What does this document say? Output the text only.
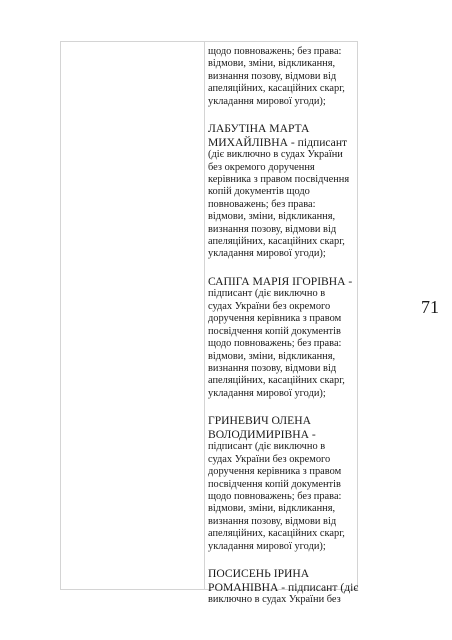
щодо повноважень; без права:
відмови, зміни, відкликання,
визнання позову, відмови від
апеляційних, касаційних скарг,
укладання мирової угоди);
ЛАБУТІНА МАРТА
МИХАЙЛІВНА - підписант
(діє виключно в судах України
без окремого доручення
керівника з правом посвідчення
копій документів щодо
повноважень; без права:
відмови, зміни, відкликання,
визнання позову, відмови від
апеляційних, касаційних скарг,
укладання мирової угоди);
САПІГА МАРІЯ ІГОРІВНА -
підписант (діє виключно в
судах України без окремого
доручення керівника з правом
посвідчення копій документів
щодо повноважень; без права:
відмови, зміни, відкликання,
визнання позову, відмови від
апеляційних, касаційних скарг,
укладання мирової угоди);
ГРИНЕВИЧ ОЛЕНА
ВОЛОДИМИРІВНА -
підписант (діє виключно в
судах України без окремого
доручення керівника з правом
посвідчення копій документів
щодо повноважень; без права:
відмови, зміни, відкликання,
визнання позову, відмови від
апеляційних, касаційних скарг,
укладання мирової угоди);
ПОСИСЕНЬ ІРИНА
РОМАНІВНА - підписант (діє
виключно в судах України без
71
